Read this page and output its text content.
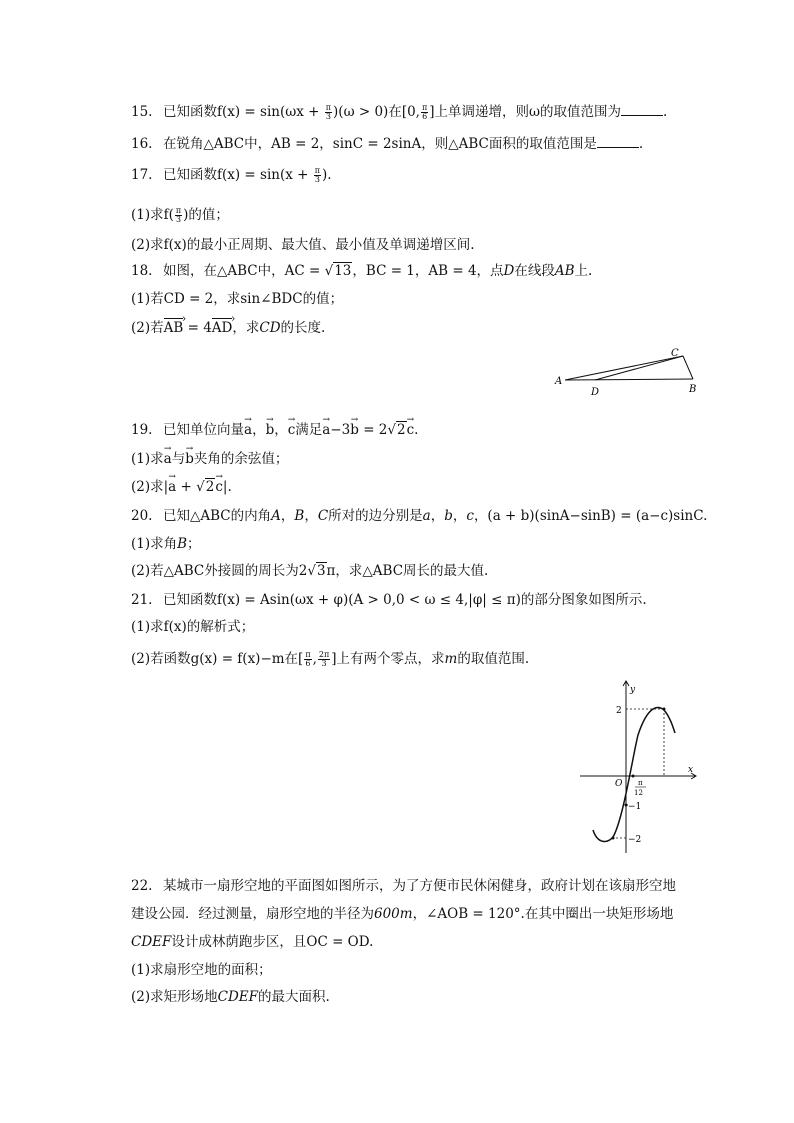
15. 已知函数$f(x) = \sin(\omega x + \frac{\pi}{3} )(\omega > 0)$在[0, $\frac{\pi}{6}$ ]上单调递增，则ω的取值范围为	.
16. 在锐角△ABC中，AB = 2，sinC = 2sinA，则△ABC面积的取值范围是	.
17. 已知函数$f(x) = \sin(x + \frac{\pi}{3}$ ).
(1)求$f( \frac{\pi}{3}$ )的值；
(2)求f(x)的最小正周期、最大值、最小值及单调递增区间.
18. 如图，在△ABC中，AC = √13，BC = 1，AB = 4，点D在线段AB上.
(1)若CD = 2，求sin∠BDC的值；
(2)若AB › = 4AD ›，求CD的长度.
A
B
C
D
19. 已知单位向量→ a，→ b，→ c满足→ a−3→ b = 2√2→ c.
(1)求→ a与→ b夹角的余弦值；
(2)求|→ a + √2→ c|.
20. 已知△ABC的内角A，B，C所对的边分别是a，b，c，(a + b)(sinA−sinB) = (a−c)sinC.
(1)求角B；
(2)若△ABC外接圆的周长为2√3π，求△ABC周长的最大值.
21. 已知函数f(x) = Asin(ωx + φ)(A > 0,0 < ω ≤ 4,|φ| ≤ π)的部分图象如图所示.
(1)求f(x)的解析式；
(2)若函数g(x) = f(x)−m在[ $\frac{\pi}{6}$ , $\frac{2\pi}{3}$ ]上有两个零点，求m的取值范围.
y
x
O
2
−1
−2
π
12
22. 某城市一扇形空地的平面图如图所示，为了方便市民休闲健身，政府计划在该扇形空地
建设公园．经过测量，扇形空地的半径为600m，∠AOB = 120°.在其中圈出一块矩形场地
CDEF设计成林荫跑步区，且OC = OD.
(1)求扇形空地的面积；
(2)求矩形场地CDEF的最大面积.
